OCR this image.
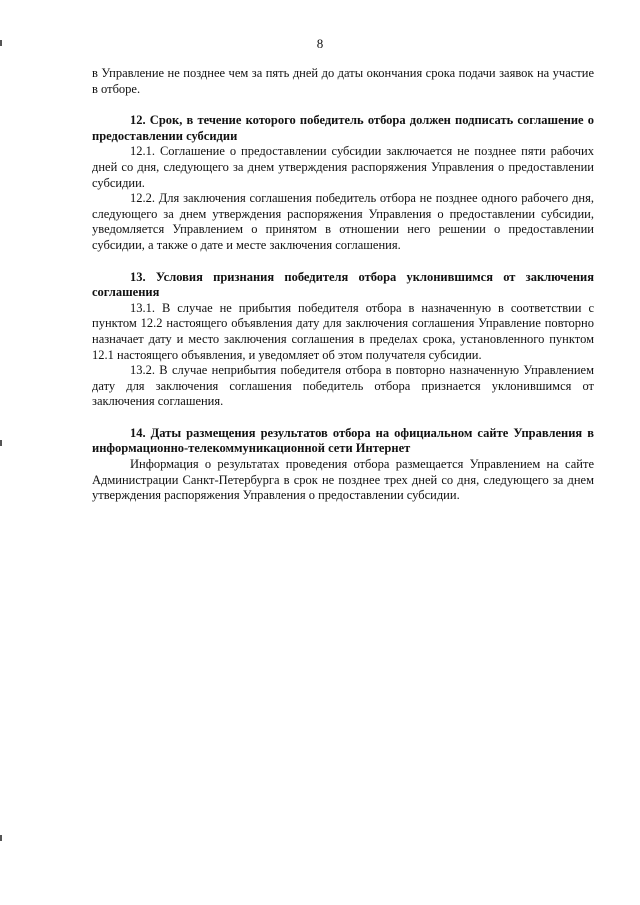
8

в Управление не позднее чем за пять дней до даты окончания срока подачи заявок на участие в отборе.

12. Срок, в течение которого победитель отбора должен подписать соглашение о предоставлении субсидии

12.1. Соглашение о предоставлении субсидии заключается не позднее пяти рабочих дней со дня, следующего за днем утверждения распоряжения Управления о предоставлении субсидии.

12.2. Для заключения соглашения победитель отбора не позднее одного рабочего дня, следующего за днем утверждения распоряжения Управления о предоставлении субсидии, уведомляется Управлением о принятом в отношении него решении о предоставлении субсидии, а также о дате и месте заключения соглашения.

13. Условия признания победителя отбора уклонившимся от заключения соглашения

13.1. В случае не прибытия победителя отбора в назначенную в соответствии с пунктом 12.2 настоящего объявления дату для заключения соглашения Управление повторно назначает дату и место заключения соглашения в пределах срока, установленного пунктом 12.1 настоящего объявления, и уведомляет об этом получателя субсидии.

13.2. В случае неприбытия победителя отбора в повторно назначенную Управлением дату для заключения соглашения победитель отбора признается уклонившимся от заключения соглашения.

14. Даты размещения результатов отбора на официальном сайте Управления в информационно-телекоммуникационной сети Интернет

Информация о результатах проведения отбора размещается Управлением на сайте Администрации Санкт-Петербурга в срок не позднее трех дней со дня, следующего за днем утверждения распоряжения Управления о предоставлении субсидии.
